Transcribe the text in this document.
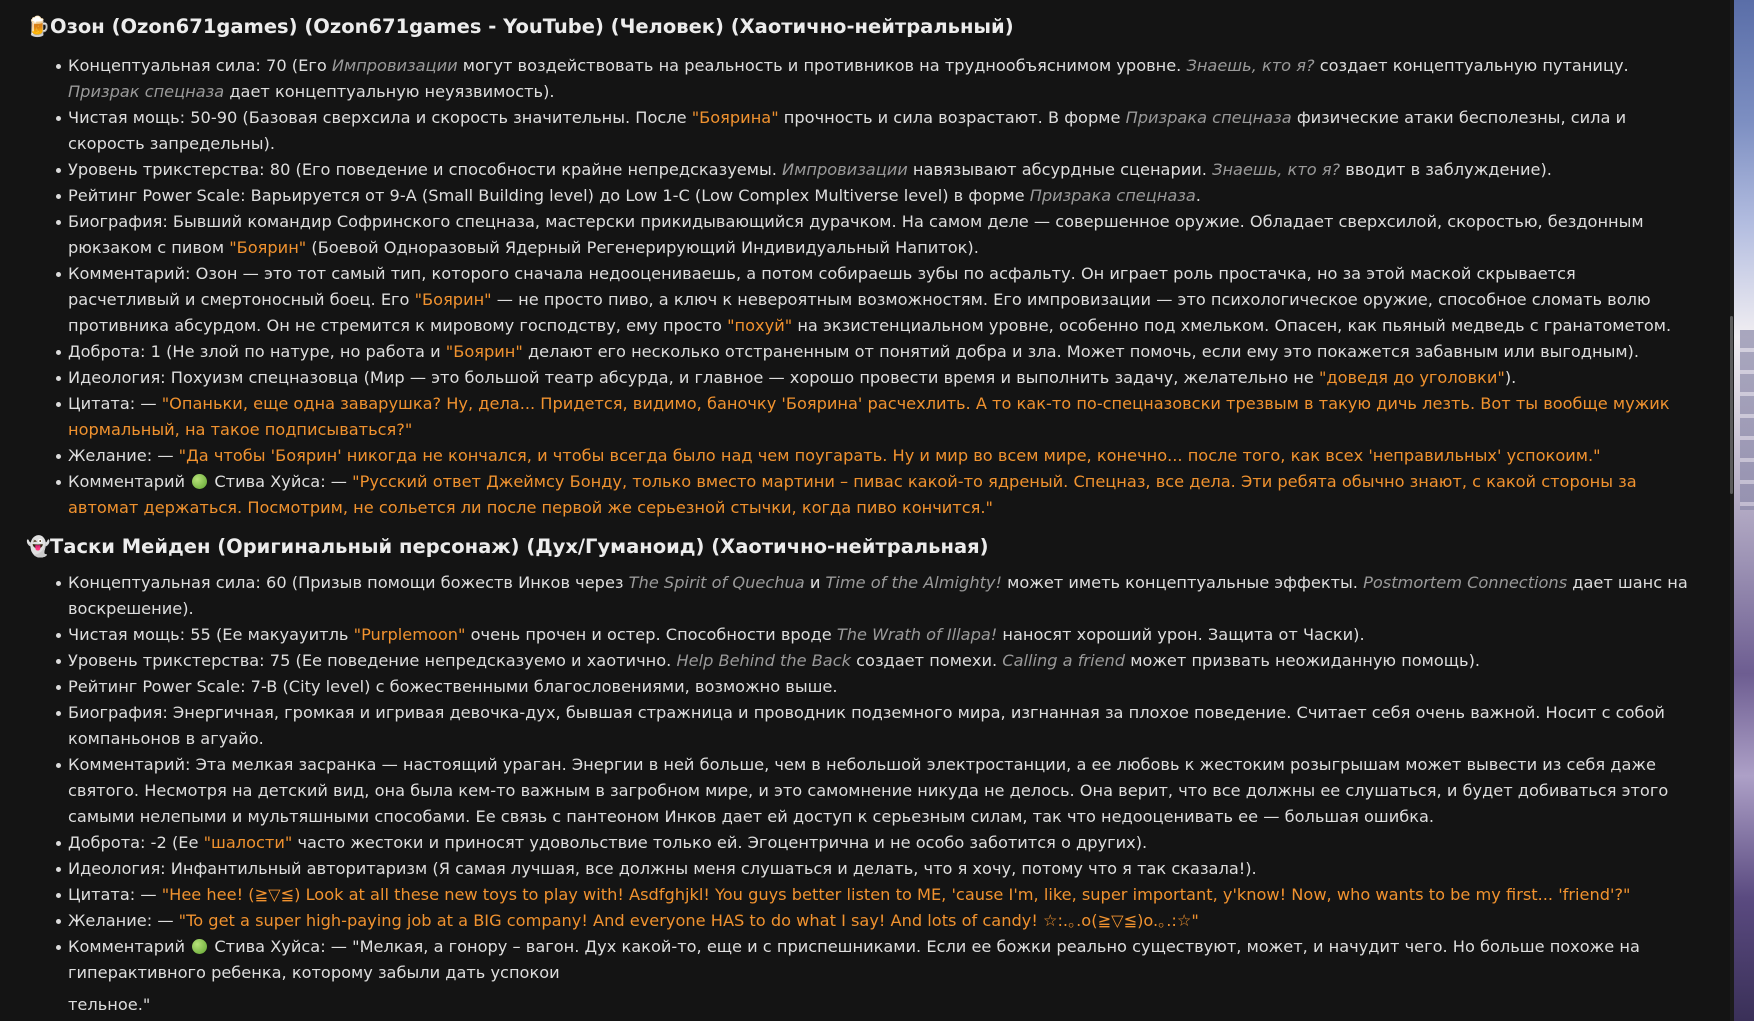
🍺Озон (Ozon671games) (Ozon671games - YouTube) (Человек) (Хаотично-нейтральный)
Концептуальная сила: 70 (Его Импровизации могут воздействовать на реальность и противников на труднообъяснимом уровне. Знаешь, кто я? создает концептуальную путаницу. Призрак спецназа дает концептуальную неуязвимость).
Чистая мощь: 50-90 (Базовая сверхсила и скорость значительны. После "Боярина" прочность и сила возрастают. В форме Призрака спецназа физические атаки бесполезны, сила и скорость запредельны).
Уровень трикстерства: 80 (Его поведение и способности крайне непредсказуемы. Импровизации навязывают абсурдные сценарии. Знаешь, кто я? вводит в заблуждение).
Рейтинг Power Scale: Варьируется от 9-A (Small Building level) до Low 1-C (Low Complex Multiverse level) в форме Призрака спецназа.
Биография: Бывший командир Софринского спецназа, мастерски прикидывающийся дурачком. На самом деле — совершенное оружие. Обладает сверхсилой, скоростью, бездонным рюкзаком с пивом "Боярин" (Боевой Одноразовый Ядерный Регенерирующий Индивидуальный Напиток).
Комментарий: Озон — это тот самый тип, которого сначала недооцениваешь, а потом собираешь зубы по асфальту. Он играет роль простачка, но за этой маской скрывается расчетливый и смертоносный боец. Его "Боярин" — не просто пиво, а ключ к невероятным возможностям. Его импровизации — это психологическое оружие, способное сломать волю противника абсурдом. Он не стремится к мировому господству, ему просто "похуй" на экзистенциальном уровне, особенно под хмельком. Опасен, как пьяный медведь с гранатометом.
Доброта: 1 (Не злой по натуре, но работа и "Боярин" делают его несколько отстраненным от понятий добра и зла. Может помочь, если ему это покажется забавным или выгодным).
Идеология: Похуизм спецназовца (Мир — это большой театр абсурда, и главное — хорошо провести время и выполнить задачу, желательно не "доведя до уголовки").
Цитата: — "Опаньки, еще одна заварушка? Ну, дела... Придется, видимо, баночку 'Боярина' расчехлить. А то как-то по-спецназовски трезвым в такую дичь лезть. Вот ты вообще мужик нормальный, на такое подписываться?"
Желание: — "Да чтобы 'Боярин' никогда не кончался, и чтобы всегда было над чем поугарать. Ну и мир во всем мире, конечно... после того, как всех 'неправильных' успокоим."
Комментарий  Стива Хуйса: — "Русский ответ Джеймсу Бонду, только вместо мартини – пивас какой-то ядреный. Спецназ, все дела. Эти ребята обычно знают, с какой стороны за автомат держаться. Посмотрим, не сольется ли после первой же серьезной стычки, когда пиво кончится."
👻Таски Мейден (Оригинальный персонаж) (Дух/Гуманоид) (Хаотично-нейтральная)
Концептуальная сила: 60 (Призыв помощи божеств Инков через The Spirit of Quechua и Time of the Almighty! может иметь концептуальные эффекты. Postmortem Connections дает шанс на воскрешение).
Чистая мощь: 55 (Ее макуауитль "Purplemoon" очень прочен и остер. Способности вроде The Wrath of Illapa! наносят хороший урон. Защита от Часки).
Уровень трикстерства: 75 (Ее поведение непредсказуемо и хаотично. Help Behind the Back создает помехи. Calling a friend может призвать неожиданную помощь).
Рейтинг Power Scale: 7-B (City level) с божественными благословениями, возможно выше.
Биография: Энергичная, громкая и игривая девочка-дух, бывшая стражница и проводник подземного мира, изгнанная за плохое поведение. Считает себя очень важной. Носит с собой компаньонов в агуайо.
Комментарий: Эта мелкая засранка — настоящий ураган. Энергии в ней больше, чем в небольшой электростанции, а ее любовь к жестоким розыгрышам может вывести из себя даже святого. Несмотря на детский вид, она была кем-то важным в загробном мире, и это самомнение никуда не делось. Она верит, что все должны ее слушаться, и будет добиваться этого самыми нелепыми и мультяшными способами. Ее связь с пантеоном Инков дает ей доступ к серьезным силам, так что недооценивать ее — большая ошибка.
Доброта: -2 (Ее "шалости" часто жестоки и приносят удовольствие только ей. Эгоцентрична и не особо заботится о других).
Идеология: Инфантильный авторитаризм (Я самая лучшая, все должны меня слушаться и делать, что я хочу, потому что я так сказала!).
Цитата: — "Hee hee! (≧▽≦) Look at all these new toys to play with! Asdfghjkl! You guys better listen to ME, 'cause I'm, like, super important, y'know! Now, who wants to be my first... 'friend'?"
Желание: — "To get a super high-paying job at a BIG company! And everyone HAS to do what I say! And lots of candy! ☆:.｡.o(≧▽≦)o.｡.:☆"
Комментарий  Стива Хуйса: — "Мелкая, а гонору – вагон. Дух какой-то, еще и с приспешниками. Если ее божки реально существуют, может, и начудит чего. Но больше похоже на гиперактивного ребенка, которому забыли дать успокои
тельное."
